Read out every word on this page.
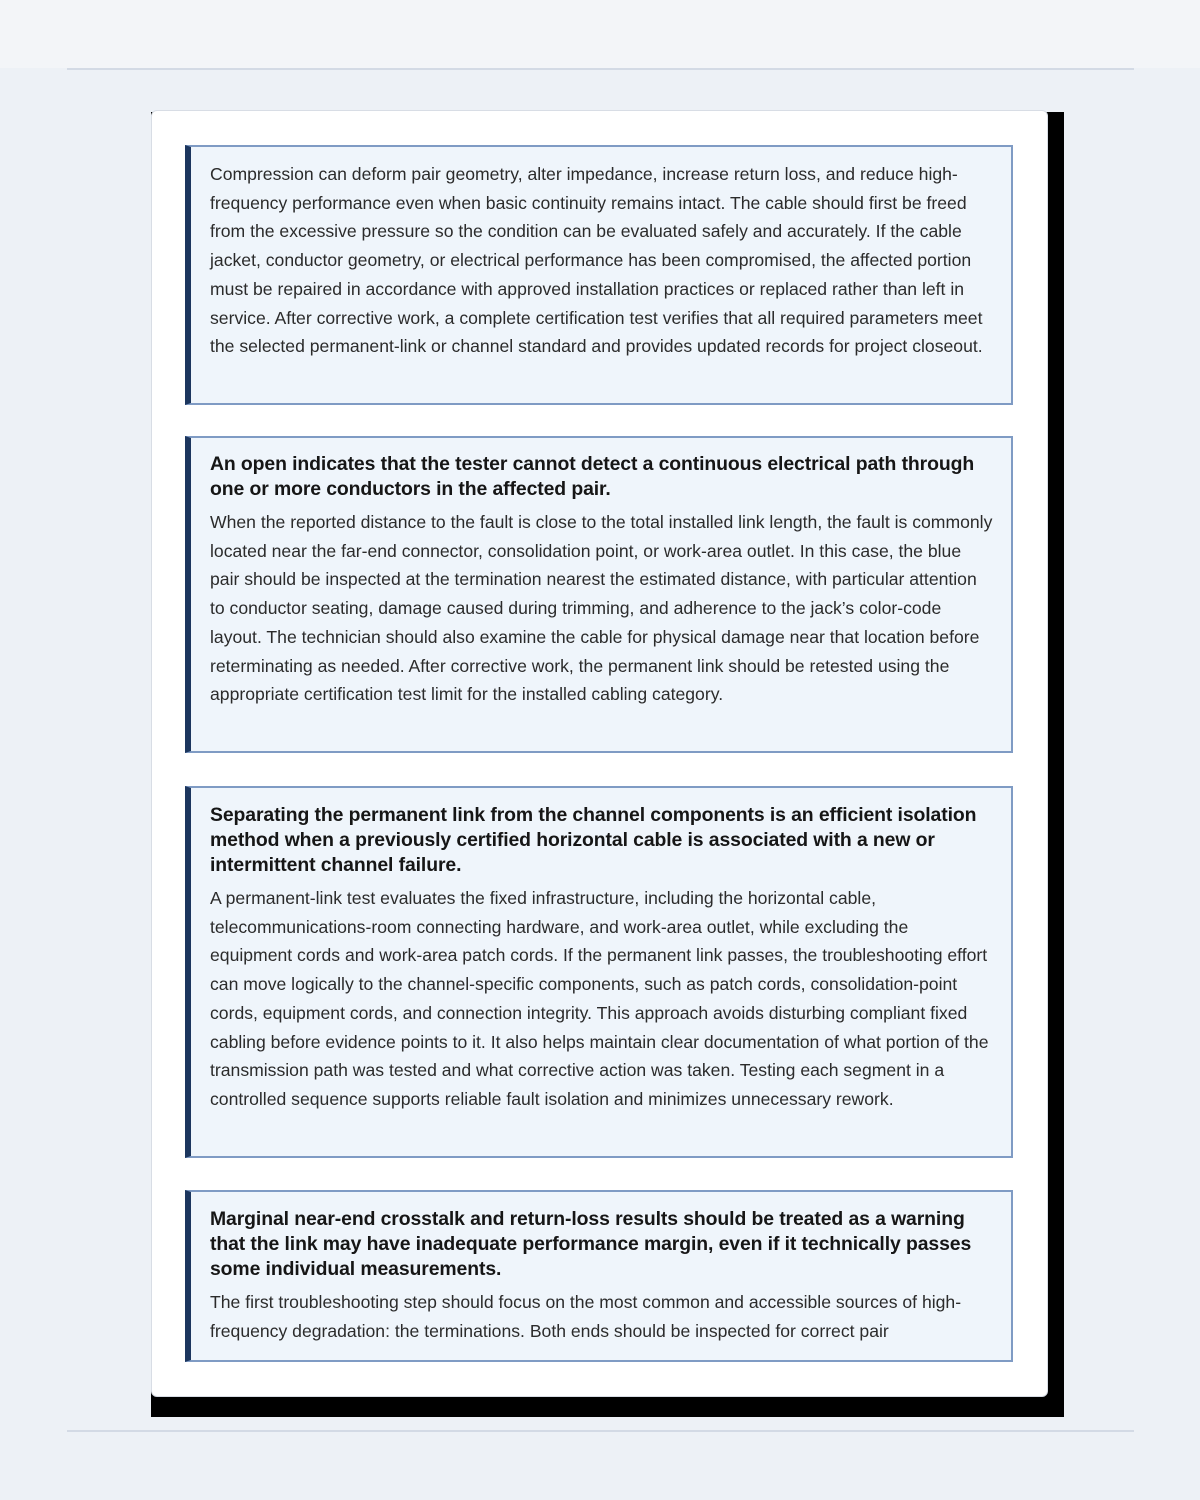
Compression can deform pair geometry, alter impedance, increase return loss, and reduce high-frequency performance even when basic continuity remains intact. The cable should first be freed from the excessive pressure so the condition can be evaluated safely and accurately. If the cable jacket, conductor geometry, or electrical performance has been compromised, the affected portion must be repaired in accordance with approved installation practices or replaced rather than left in service. After corrective work, a complete certification test verifies that all required parameters meet the selected permanent-link or channel standard and provides updated records for project closeout.

An open indicates that the tester cannot detect a continuous electrical path through one or more conductors in the affected pair.

When the reported distance to the fault is close to the total installed link length, the fault is commonly located near the far-end connector, consolidation point, or work-area outlet. In this case, the blue pair should be inspected at the termination nearest the estimated distance, with particular attention to conductor seating, damage caused during trimming, and adherence to the jack’s color-code layout. The technician should also examine the cable for physical damage near that location before reterminating as needed. After corrective work, the permanent link should be retested using the appropriate certification test limit for the installed cabling category.

Separating the permanent link from the channel components is an efficient isolation method when a previously certified horizontal cable is associated with a new or intermittent channel failure.

A permanent-link test evaluates the fixed infrastructure, including the horizontal cable, telecommunications-room connecting hardware, and work-area outlet, while excluding the equipment cords and work-area patch cords. If the permanent link passes, the troubleshooting effort can move logically to the channel-specific components, such as patch cords, consolidation-point cords, equipment cords, and connection integrity. This approach avoids disturbing compliant fixed cabling before evidence points to it. It also helps maintain clear documentation of what portion of the transmission path was tested and what corrective action was taken. Testing each segment in a controlled sequence supports reliable fault isolation and minimizes unnecessary rework.

Marginal near-end crosstalk and return-loss results should be treated as a warning that the link may have inadequate performance margin, even if it technically passes some individual measurements.

The first troubleshooting step should focus on the most common and accessible sources of high-frequency degradation: the terminations. Both ends should be inspected for correct pair
